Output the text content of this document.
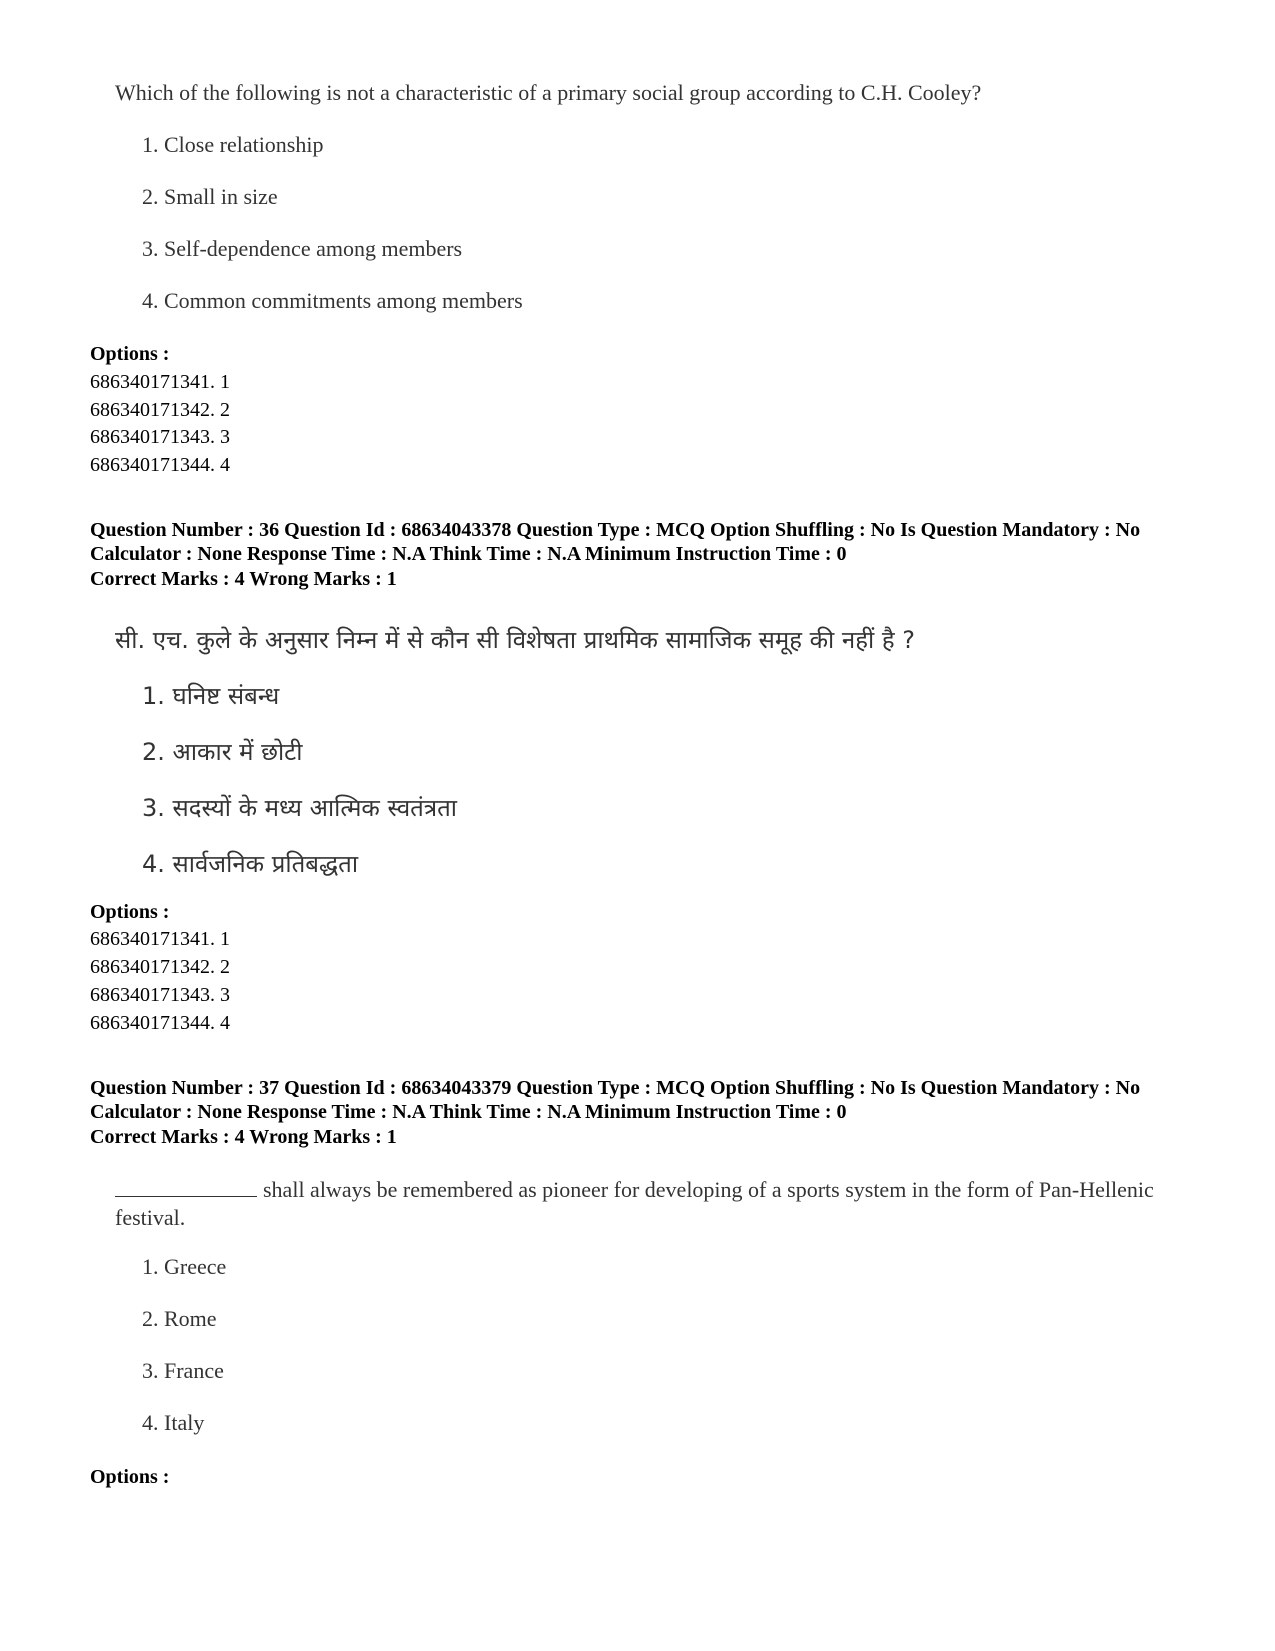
Which of the following is not a characteristic of a primary social group according to C.H. Cooley?
1. Close relationship
2. Small in size
3. Self-dependence among members
4. Common commitments among members
Options :
686340171341. 1
686340171342. 2
686340171343. 3
686340171344. 4
Question Number : 36 Question Id : 68634043378 Question Type : MCQ Option Shuffling : No Is Question Mandatory : No Calculator : None Response Time : N.A Think Time : N.A Minimum Instruction Time : 0
Correct Marks : 4 Wrong Marks : 1
सी. एच. कुले के अनुसार निम्न में से कौन सी विशेषता प्राथमिक सामाजिक समूह की नहीं है ?
1. घनिष्ट संबन्ध
2. आकार में छोटी
3. सदस्यों के मध्य आत्मिक स्वतंत्रता
4. सार्वजनिक प्रतिबद्धता
Options :
686340171341. 1
686340171342. 2
686340171343. 3
686340171344. 4
Question Number : 37 Question Id : 68634043379 Question Type : MCQ Option Shuffling : No Is Question Mandatory : No Calculator : None Response Time : N.A Think Time : N.A Minimum Instruction Time : 0
Correct Marks : 4 Wrong Marks : 1
shall always be remembered as pioneer for developing of a sports system in the form of Pan-Hellenic festival.
1. Greece
2. Rome
3. France
4. Italy
Options :
